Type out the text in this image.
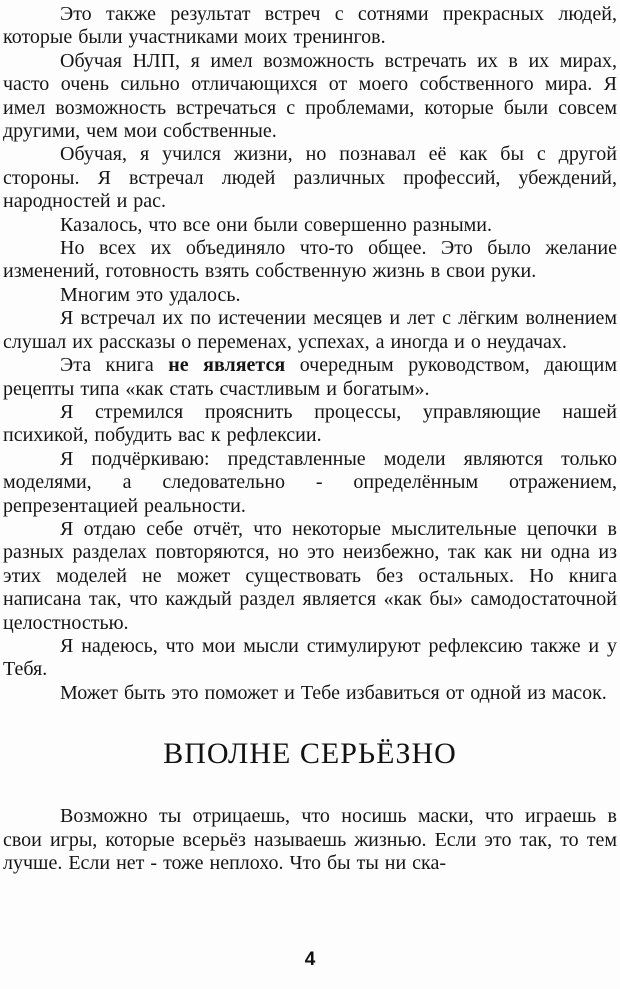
Это также результат встреч с сотнями прекрасных людей, которые были участниками моих тренингов.

Обучая НЛП, я имел возможность встречать их в их мирах, часто очень сильно отличающихся от моего собственного мира. Я имел возможность встречаться с проблемами, которые были совсем другими, чем мои собственные.

Обучая, я учился жизни, но познавал её как бы с другой стороны. Я встречал людей различных профессий, убеждений, народностей и рас.

Казалось, что все они были совершенно разными.

Но всех их объединяло что-то общее. Это было желание изменений, готовность взять собственную жизнь в свои руки.

Многим это удалось.

Я встречал их по истечении месяцев и лет с лёгким волнением слушал их рассказы о переменах, успехах, а иногда и о неудачах.

Эта книга не является очередным руководством, дающим рецепты типа «как стать счастливым и богатым».

Я стремился прояснить процессы, управляющие нашей психикой, побудить вас к рефлексии.

Я подчёркиваю: представленные модели являются только моделями, а следовательно - определённым отражением, репрезентацией реальности.

Я отдаю себе отчёт, что некоторые мыслительные цепочки в разных разделах повторяются, но это неизбежно, так как ни одна из этих моделей не может существовать без остальных. Но книга написана так, что каждый раздел является «как бы» самодостаточной целостностью.

Я надеюсь, что мои мысли стимулируют рефлексию также и у Тебя.

Может быть это поможет и Тебе избавиться от одной из масок.

ВПОЛНЕ СЕРЬЁЗНО

Возможно ты отрицаешь, что носишь маски, что играешь в свои игры, которые всерьёз называешь жизнью. Если это так, то тем лучше. Если нет - тоже неплохо. Что бы ты ни ска-

4
